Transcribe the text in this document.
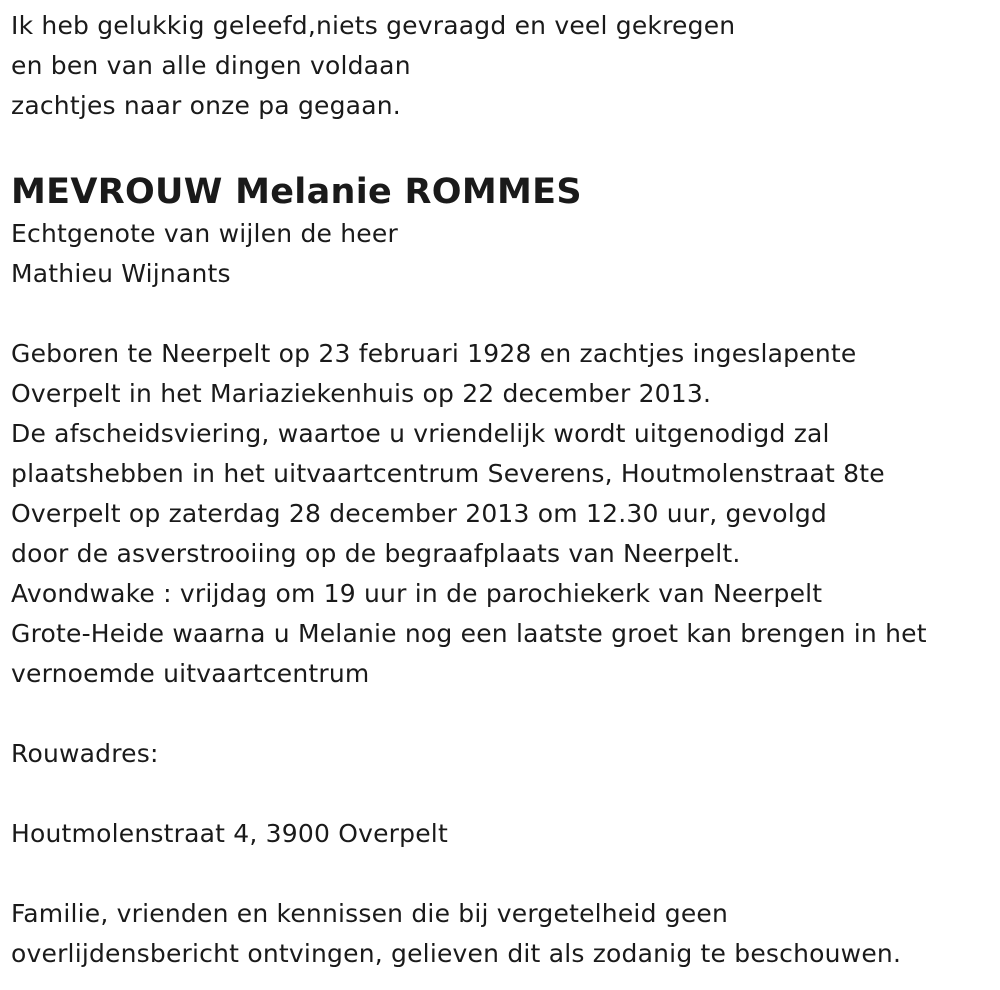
Ik heb gelukkig geleefd,niets gevraagd en veel gekregen
en ben van alle dingen voldaan
zachtjes naar onze pa gegaan.
MEVROUW Melanie ROMMES
Echtgenote van wijlen de heer
Mathieu Wijnants
Geboren te Neerpelt op 23 februari 1928 en zachtjes ingeslapente
Overpelt in het Mariaziekenhuis op 22 december 2013.
De afscheidsviering, waartoe u vriendelijk wordt uitgenodigd zal
plaatshebben in het uitvaartcentrum Severens, Houtmolenstraat 8te
Overpelt op zaterdag 28 december 2013 om 12.30 uur, gevolgd
door de asverstrooiing op de begraafplaats van Neerpelt.
Avondwake : vrijdag om 19 uur in de parochiekerk van Neerpelt
Grote-Heide waarna u Melanie nog een laatste groet kan brengen in het
vernoemde uitvaartcentrum
Rouwadres:
Houtmolenstraat 4, 3900 Overpelt
Familie, vrienden en kennissen die bij vergetelheid geen
overlijdensbericht ontvingen, gelieven dit als zodanig te beschouwen.
